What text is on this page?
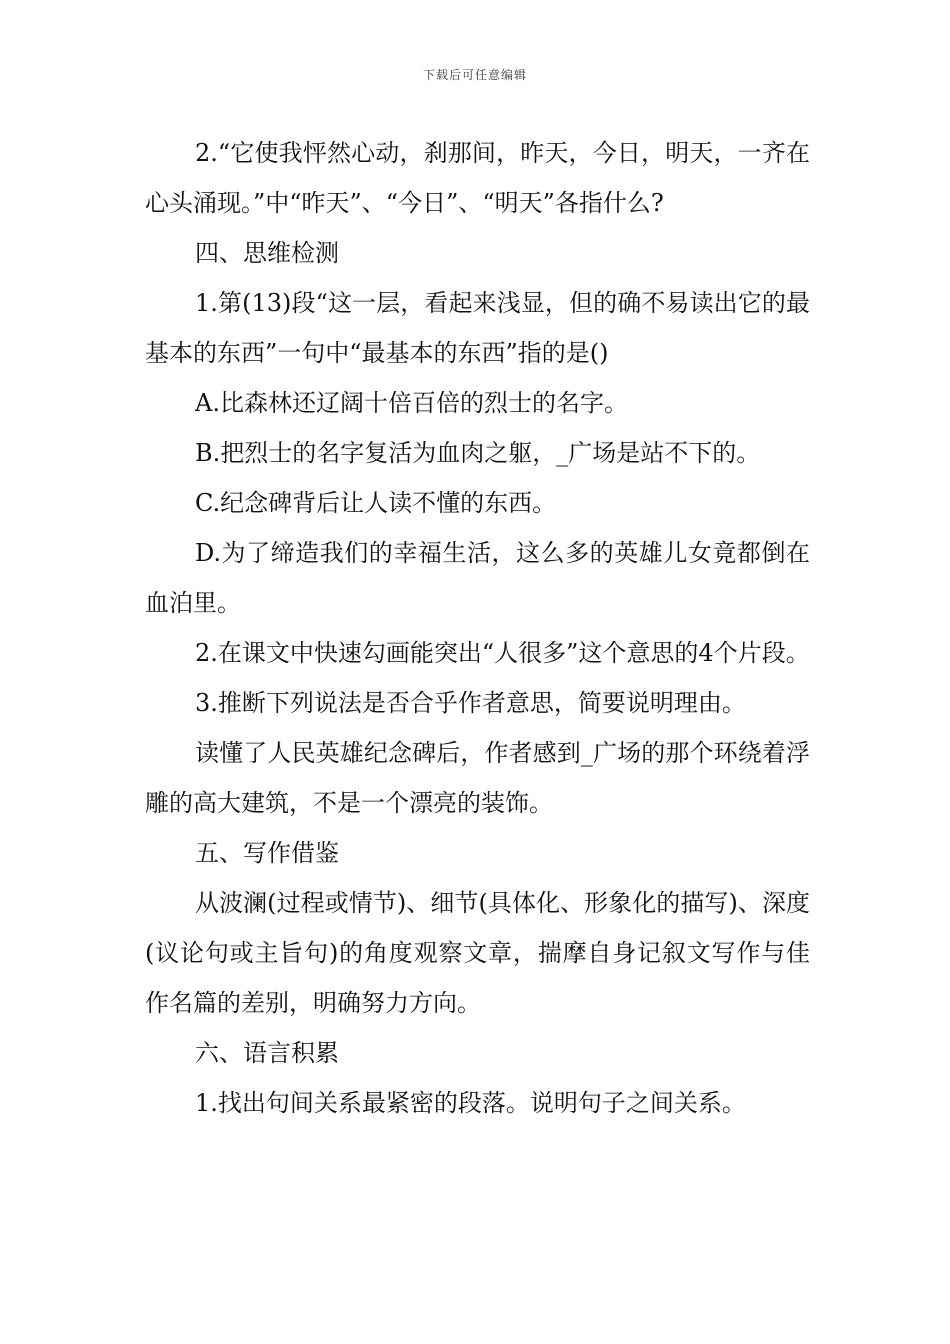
下载后可任意编辑

2.“它使我怦然心动，刹那间，昨天，今日，明天，一齐在心头涌现。”中“昨天”、“今日”、“明天”各指什么?

四、思维检测

1.第(13)段“这一层，看起来浅显，但的确不易读出它的最基本的东西”一句中“最基本的东西”指的是()

A.比森林还辽阔十倍百倍的烈士的名字。

B.把烈士的名字复活为血肉之躯，_广场是站不下的。

C.纪念碑背后让人读不懂的东西。

D.为了缔造我们的幸福生活，这么多的英雄儿女竟都倒在血泊里。

2.在课文中快速勾画能突出“人很多”这个意思的4个片段。

3.推断下列说法是否合乎作者意思，简要说明理由。

读懂了人民英雄纪念碑后，作者感到_广场的那个环绕着浮雕的高大建筑，不是一个漂亮的装饰。

五、写作借鉴

从波澜(过程或情节)、细节(具体化、形象化的描写)、深度(议论句或主旨句)的角度观察文章，揣摩自身记叙文写作与佳作名篇的差别，明确努力方向。

六、语言积累

1.找出句间关系最紧密的段落。说明句子之间关系。
